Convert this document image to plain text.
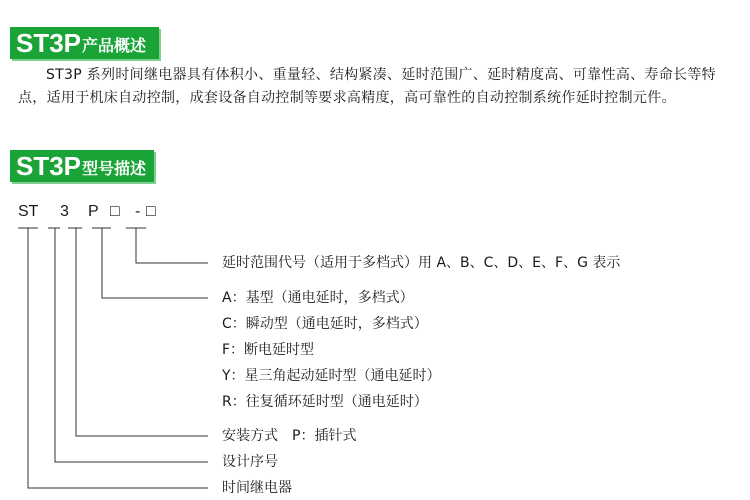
ST3P 产品概述

ST3P 系列时间继电器具有体积小、重量轻、结构紧凑、延时范围广、延时精度高、可靠性高、寿命长等特点，适用于机床自动控制，成套设备自动控制等要求高精度，高可靠性的自动控制系统作延时控制元件。

ST3P 型号描述
ST 3 P □ - □
延时范围代号（适用于多档式）用 A、B、C、D、E、F、G 表示
A：基型（通电延时，多档式）
C：瞬动型（通电延时，多档式）
F：断电延时型
Y：星三角起动延时型（通电延时）
R：往复循环延时型（通电延时）
安装方式　P：插针式
设计序号
时间继电器
